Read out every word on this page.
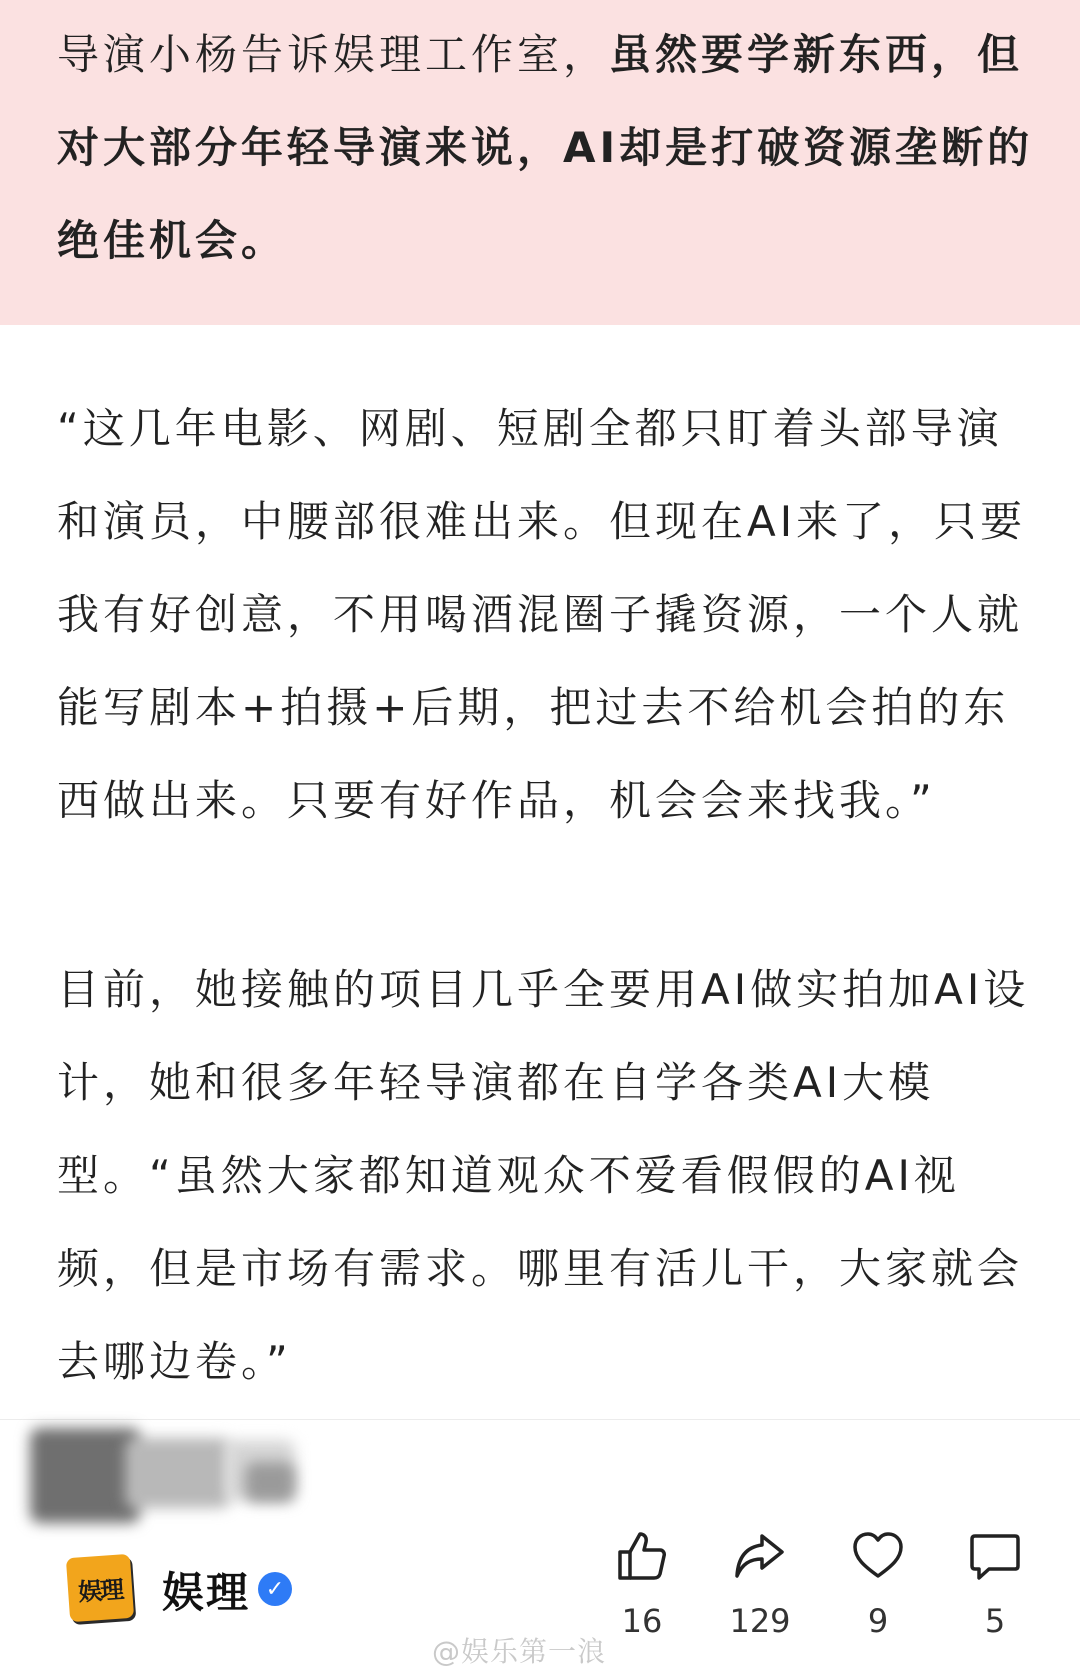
导演小杨告诉娱理工作室，虽然要学新东西，但对大部分年轻导演来说，AI却是打破资源垄断的绝佳机会。

“这几年电影、网剧、短剧全都只盯着头部导演和演员，中腰部很难出来。但现在AI来了，只要我有好创意，不用喝酒混圈子撬资源，一个人就能写剧本+拍摄+后期，把过去不给机会拍的东西做出来。只要有好作品，机会会来找我。”

目前，她接触的项目几乎全要用AI做实拍加AI设计，她和很多年轻导演都在自学各类AI大模型。“虽然大家都知道观众不爱看假假的AI视频，但是市场有需求。哪里有活儿干，大家就会去哪边卷。”

娱理 娱理 ✓
16	129	9	5
@娱乐第一浪
